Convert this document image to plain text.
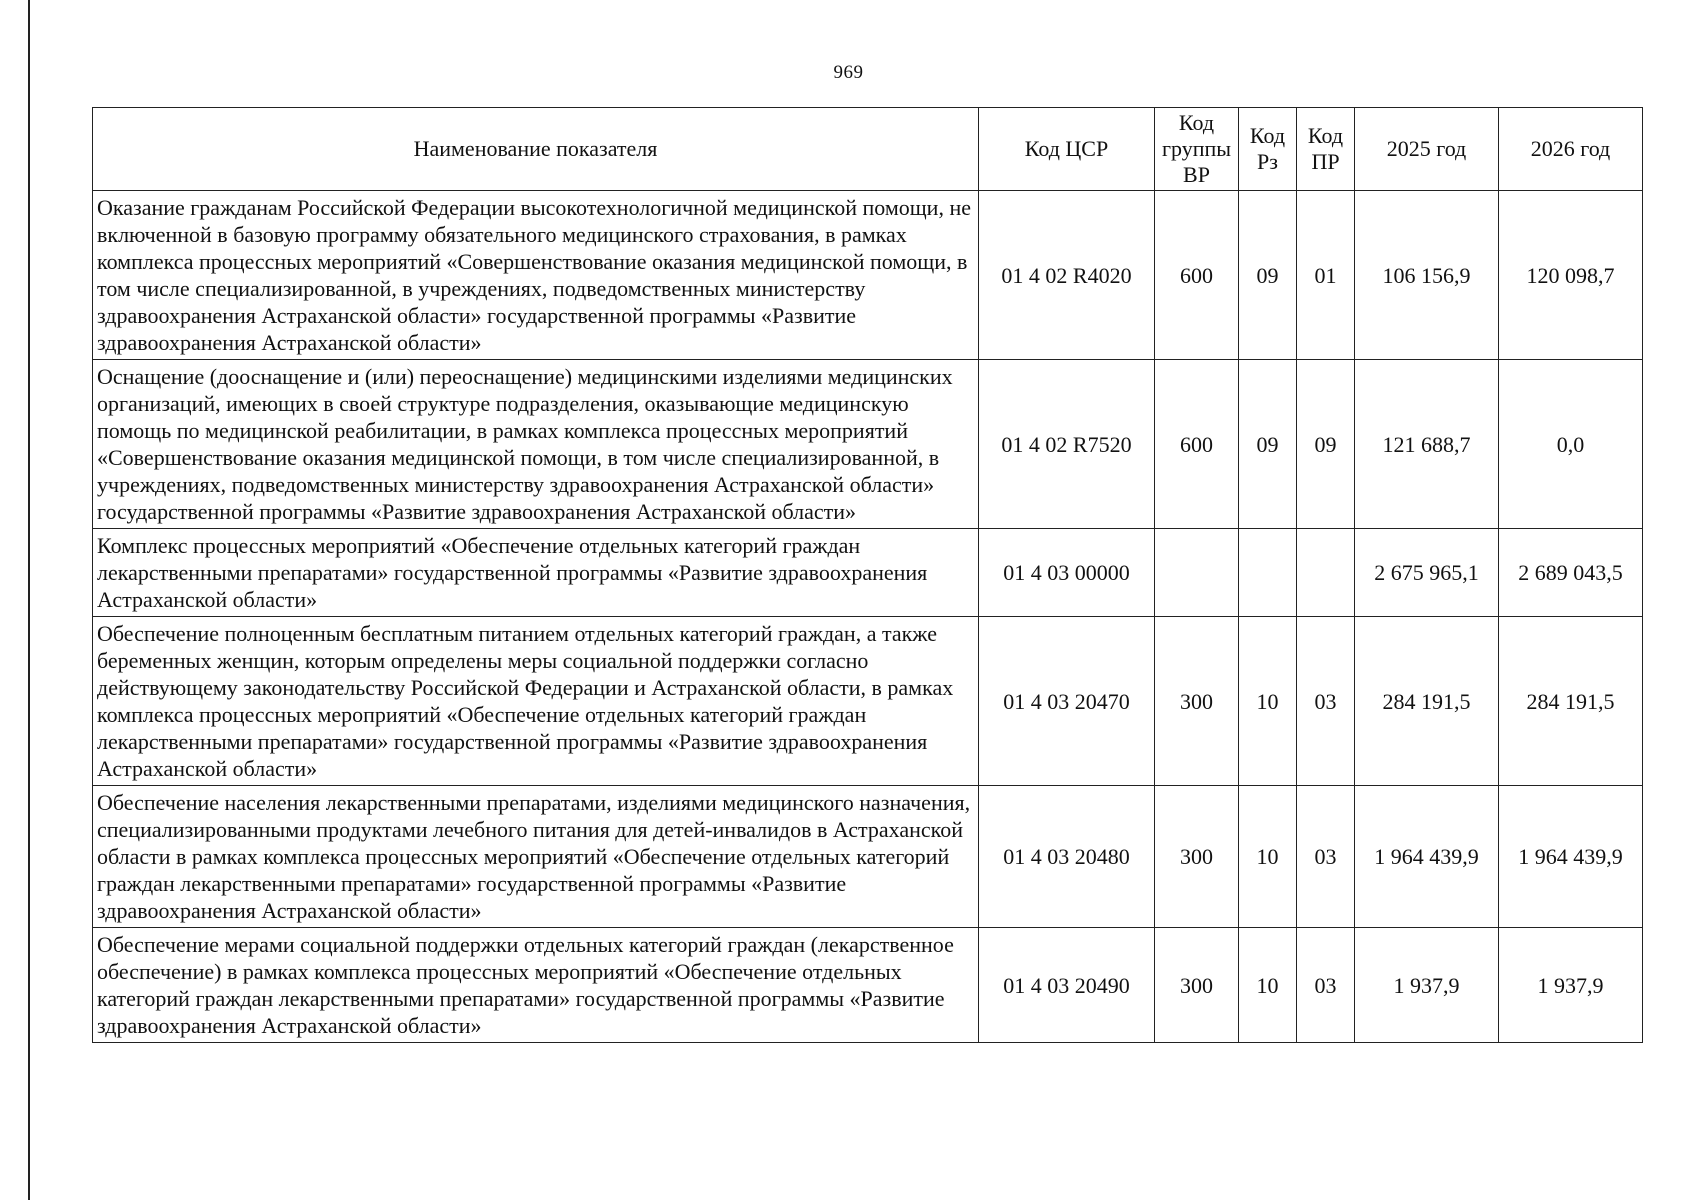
969
Наименование показателя	Код ЦСР	Код группы ВР	Код Рз	Код ПР	2025 год	2026 год
Оказание гражданам Российской Федерации высокотехнологичной медицинской помощи, не включенной в базовую программу обязательного медицинского страхования, в рамках комплекса процессных мероприятий «Совершенствование оказания медицинской помощи, в том числе специализированной, в учреждениях, подведомственных министерству здравоохранения Астраханской области» государственной программы «Развитие здравоохранения Астраханской области»	01 4 02 R4020	600	09	01	106 156,9	120 098,7
Оснащение (дооснащение и (или) переоснащение) медицинскими изделиями медицинских организаций, имеющих в своей структуре подразделения, оказывающие медицинскую помощь по медицинской реабилитации, в рамках комплекса процессных мероприятий «Совершенствование оказания медицинской помощи, в том числе специализированной, в учреждениях, подведомственных министерству здравоохранения Астраханской области» государственной программы «Развитие здравоохранения Астраханской области»	01 4 02 R7520	600	09	09	121 688,7	0,0
Комплекс процессных мероприятий «Обеспечение отдельных категорий граждан лекарственными препаратами» государственной программы «Развитие здравоохранения Астраханской области»	01 4 03 00000				2 675 965,1	2 689 043,5
Обеспечение полноценным бесплатным питанием отдельных категорий граждан, а также беременных женщин, которым определены меры социальной поддержки согласно действующему законодательству Российской Федерации и Астраханской области, в рамках комплекса процессных мероприятий «Обеспечение отдельных категорий граждан лекарственными препаратами» государственной программы «Развитие здравоохранения Астраханской области»	01 4 03 20470	300	10	03	284 191,5	284 191,5
Обеспечение населения лекарственными препаратами, изделиями медицинского назначения, специализированными продуктами лечебного питания для детей-инвалидов в Астраханской области в рамках комплекса процессных мероприятий «Обеспечение отдельных категорий граждан лекарственными препаратами» государственной программы «Развитие здравоохранения Астраханской области»	01 4 03 20480	300	10	03	1 964 439,9	1 964 439,9
Обеспечение мерами социальной поддержки отдельных категорий граждан (лекарственное обеспечение) в рамках комплекса процессных мероприятий «Обеспечение отдельных категорий граждан лекарственными препаратами» государственной программы «Развитие здравоохранения Астраханской области»	01 4 03 20490	300	10	03	1 937,9	1 937,9
